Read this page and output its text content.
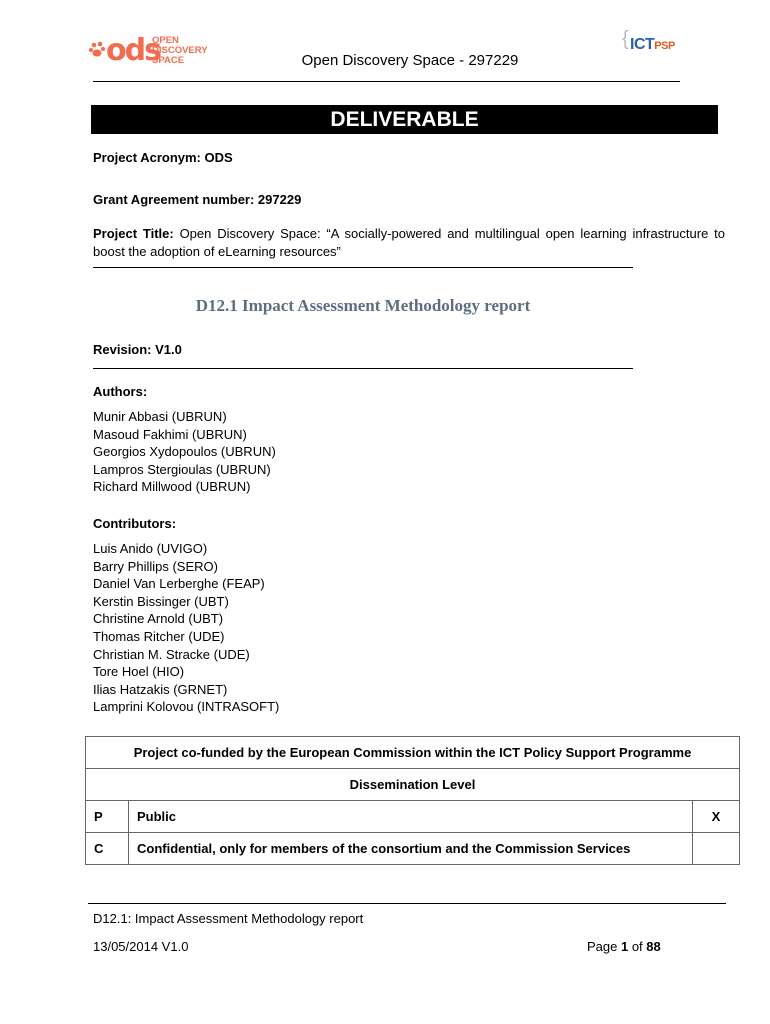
ods
OPEN
DISCOVERY
SPACE
{ ICTPSP
Open Discovery Space - 297229
DELIVERABLE
Project Acronym: ODS
Grant Agreement number: 297229
Project Title: Open Discovery Space: “A socially-powered and multilingual open learning infrastructure to boost the adoption of eLearning resources”
D12.1 Impact Assessment Methodology report
Revision: V1.0
Authors:
Munir Abbasi (UBRUN)
Masoud Fakhimi (UBRUN)
Georgios Xydopoulos (UBRUN)
Lampros Stergioulas (UBRUN)
Richard Millwood (UBRUN)
Contributors:
Luis Anido (UVIGO)
Barry Phillips (SERO)
Daniel Van Lerberghe (FEAP)
Kerstin Bissinger (UBT)
Christine Arnold (UBT)
Thomas Ritcher (UDE)
Christian M. Stracke (UDE)
Tore Hoel (HIO)
Ilias Hatzakis (GRNET)
Lamprini Kolovou (INTRASOFT)
Project co-funded by the European Commission within the ICT Policy Support Programme		
Dissemination Level		
P	Public	X
C	Confidential, only for members of the consortium and the Commission Services	
D12.1: Impact Assessment Methodology report
13/05/2014 V1.0	Page 1 of 88
